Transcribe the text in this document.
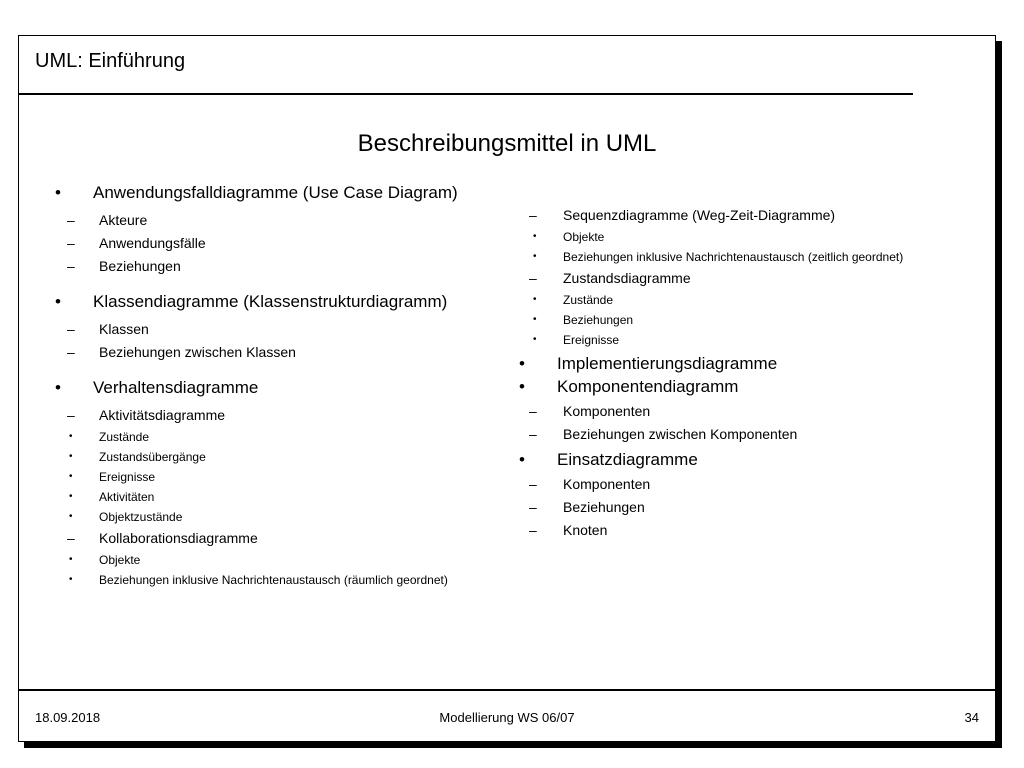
UML: Einführung
Beschreibungsmittel in UML
• Anwendungsfalldiagramme (Use Case Diagram)
– Akteure
– Anwendungsfälle
– Beziehungen
• Klassendiagramme (Klassenstrukturdiagramm)
– Klassen
– Beziehungen zwischen Klassen
• Verhaltensdiagramme
– Aktivitätsdiagramme
• Zustände
• Zustandsübergänge
• Ereignisse
• Aktivitäten
• Objektzustände
– Kollaborationsdiagramme
• Objekte
• Beziehungen inklusive Nachrichtenaustausch (räumlich geordnet)
– Sequenzdiagramme (Weg-Zeit-Diagramme)
• Objekte
• Beziehungen inklusive Nachrichtenaustausch (zeitlich geordnet)
– Zustandsdiagramme
• Zustände
• Beziehungen
• Ereignisse
• Implementierungsdiagramme
• Komponentendiagramm
– Komponenten
– Beziehungen zwischen Komponenten
• Einsatzdiagramme
– Komponenten
– Beziehungen
– Knoten
18.09.2018	Modellierung WS 06/07	34
